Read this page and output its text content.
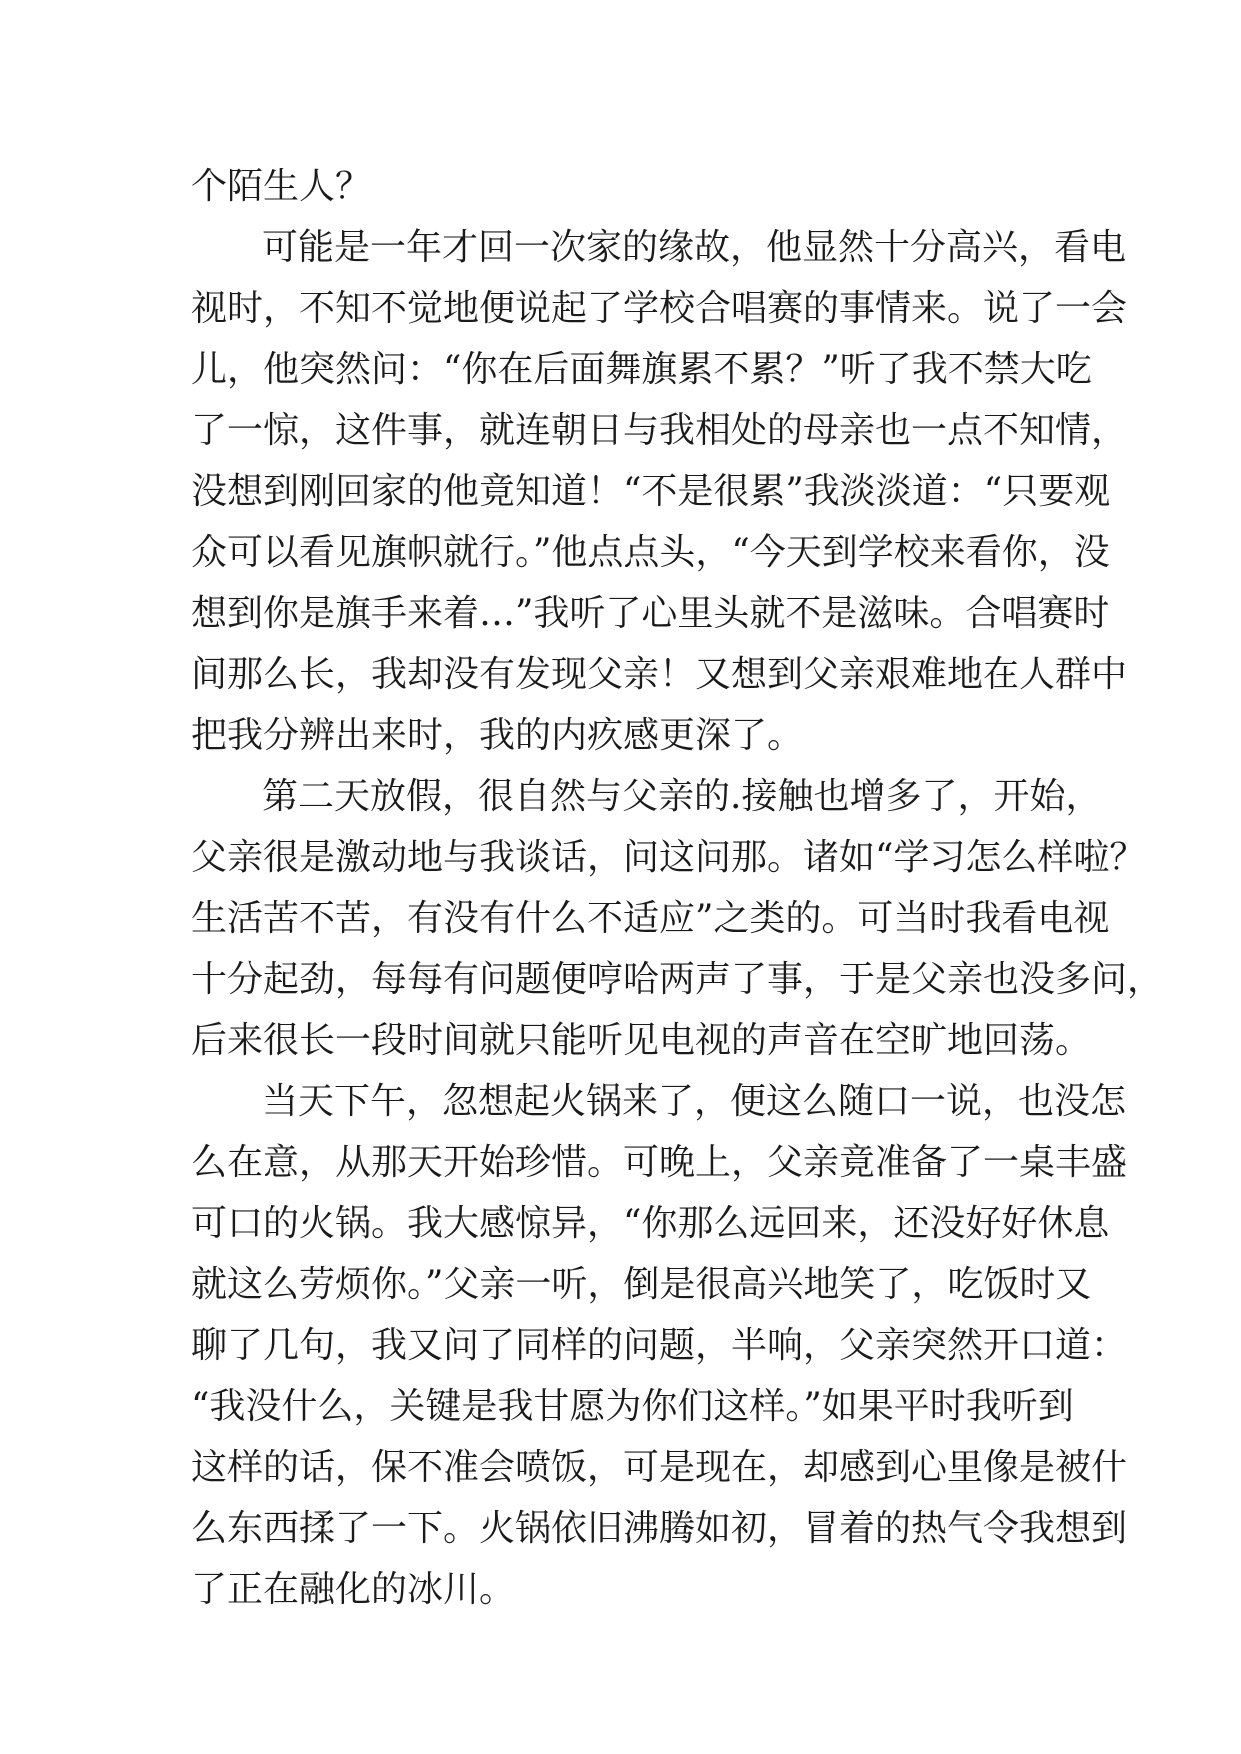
个陌生人？
可能是一年才回一次家的缘故，他显然十分高兴，看电
视时，不知不觉地便说起了学校合唱赛的事情来。说了一会
儿，他突然问：“你在后面舞旗累不累？”听了我不禁大吃
了一惊，这件事，就连朝日与我相处的母亲也一点不知情，
没想到刚回家的他竟知道！“不是很累”我淡淡道：“只要观
众可以看见旗帜就行。”他点点头，“今天到学校来看你，没
想到你是旗手来着…”我听了心里头就不是滋味。合唱赛时
间那么长，我却没有发现父亲！又想到父亲艰难地在人群中
把我分辨出来时，我的内疚感更深了。
第二天放假，很自然与父亲的.接触也增多了，开始，
父亲很是激动地与我谈话，问这问那。诸如“学习怎么样啦？
生活苦不苦，有没有什么不适应”之类的。可当时我看电视
十分起劲，每每有问题便哼哈两声了事，于是父亲也没多问，
后来很长一段时间就只能听见电视的声音在空旷地回荡。
当天下午，忽想起火锅来了，便这么随口一说，也没怎
么在意，从那天开始珍惜。可晚上，父亲竟准备了一桌丰盛
可口的火锅。我大感惊异，“你那么远回来，还没好好休息
就这么劳烦你。”父亲一听，倒是很高兴地笑了，吃饭时又
聊了几句，我又问了同样的问题，半响，父亲突然开口道：
“我没什么，关键是我甘愿为你们这样。”如果平时我听到
这样的话，保不准会喷饭，可是现在，却感到心里像是被什
么东西揉了一下。火锅依旧沸腾如初，冒着的热气令我想到
了正在融化的冰川。
